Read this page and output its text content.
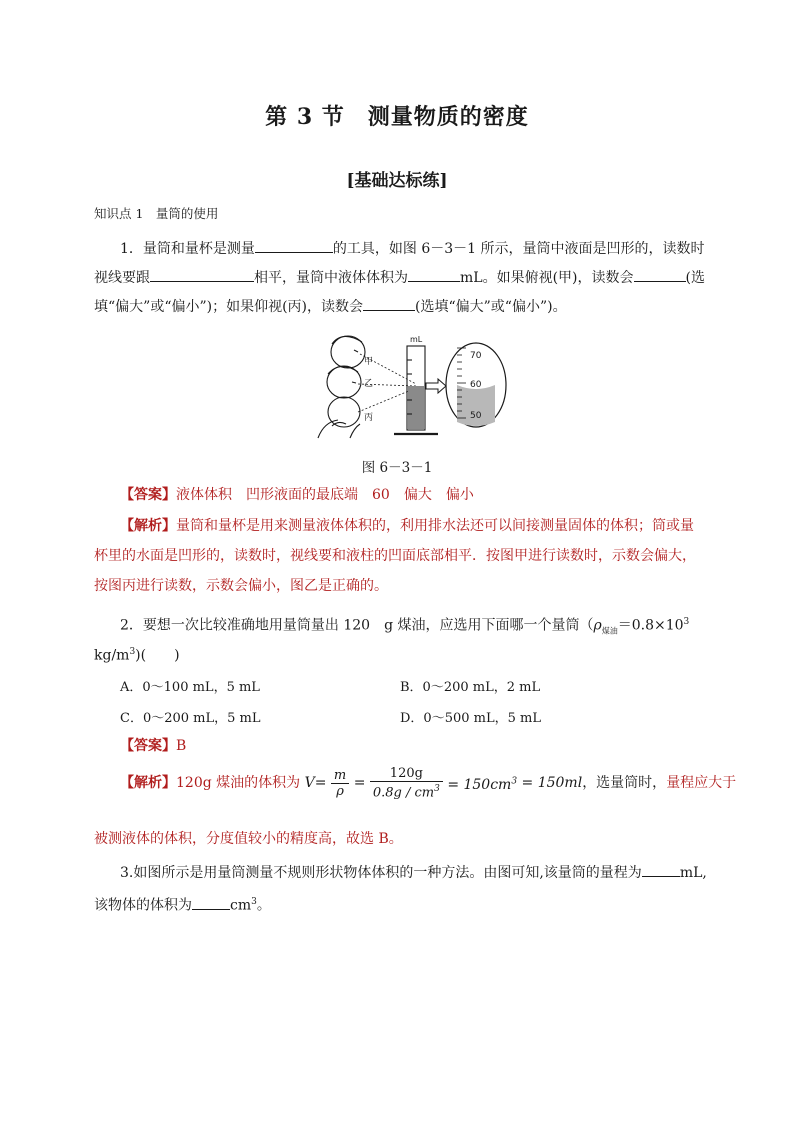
第 3 节　测量物质的密度
[基础达标练]
知识点 1　量筒的使用
1．量筒和量杯是测量	的工具，如图 6－3－1 所示，量筒中液面是凹形的，读数时
视线要跟	相平，量筒中液体体积为	mL。如果俯视(甲)，读数会	(选
填“偏大”或“偏小”)；如果仰视(丙)，读数会	(选填“偏大”或“偏小”)。
甲
乙
丙
mL
70
60
50
图 6－3－1
【答案】液体体积　凹形液面的最底端　60　偏大　偏小
【解析】量筒和量杯是用来测量液体体积的，利用排水法还可以间接测量固体的体积；筒或量
杯里的水面是凹形的，读数时，视线要和液柱的凹面底部相平．按图甲进行读数时，示数会偏大，
按图丙进行读数，示数会偏小，图乙是正确的。
2．要想一次比较准确地用量筒量出 120　g 煤油，应选用下面哪一个量筒（$\rho_{煤油}=0.8\times 10^3$
$kg/m^3$)(　　)
A．0～100 mL，5 mL	B．0～200 mL，2 mL
C．0～200 mL，5 mL	D．0～500 mL，5 mL
【答案】B
【解析】120g 煤油的体积为 $V= \frac{m}{\rho} = \frac{120g}{0.8g / cm^3} = 150cm^3 = 150ml$，选量筒时，量程应大于
被测液体的体积，分度值较小的精度高，故选 B。
3.如图所示是用量筒测量不规则形状物体体积的一种方法。由图可知,该量筒的量程为	mL,
该物体的体积为	$cm^3$。
